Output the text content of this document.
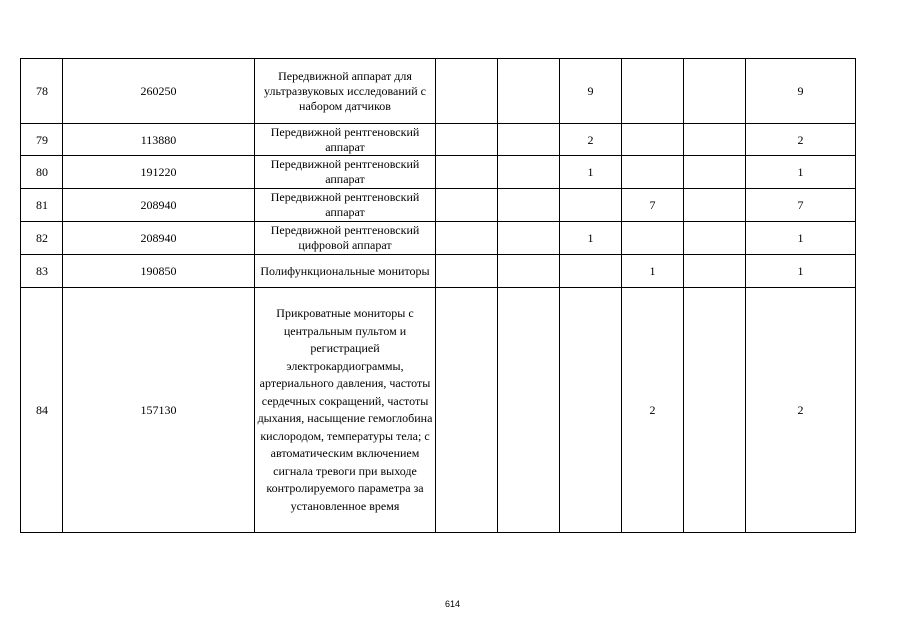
78	260250	Передвижной аппарат для ультразвуковых исследований с набором датчиков			9			9
79	113880	Передвижной рентгеновский аппарат			2			2
80	191220	Передвижной рентгеновский аппарат			1			1
81	208940	Передвижной рентгеновский аппарат				7		7
82	208940	Передвижной рентгеновский цифровой аппарат			1			1
83	190850	Полифункциональные мониторы				1		1
84	157130	Прикроватные мониторы с центральным пультом и регистрацией электрокардиограммы, артериального давления, частоты сердечных сокращений, частоты дыхания, насыщение гемоглобина кислородом, температуры тела; с автоматическим включением сигнала тревоги при выходе контролируемого параметра за установленное время				2		2
614
